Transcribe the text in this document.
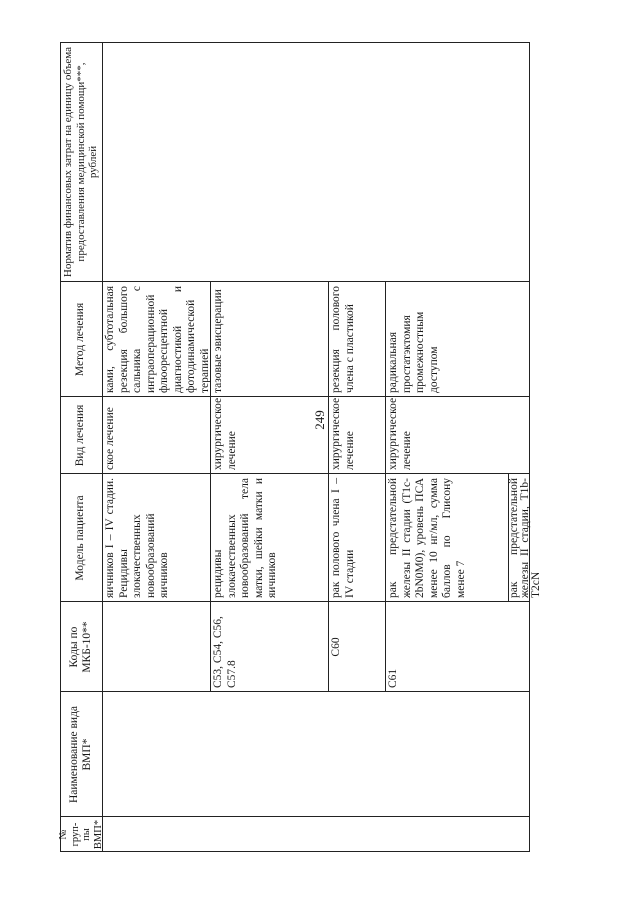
249
№ груп-пы ВМП*
Наименование вида ВМП*
Коды по МКБ-10**
Модель пациента
Вид лечения
Метод лечения
Норматив финансовых затрат на единицу объема предоставления медицинской помощи***, рублей
яичников I – IV стадии. Рецидивы злокачественных новообразований яичников
ское лечение
ками, субтотальная резекция большого сальника с интраоперационной флюоресцентной диагностикой и фотодинамической терапией
C53, C54, C56, C57.8
рецидивы злокачественных новообразований тела матки, шейки матки и яичников
хирургическое лечение
тазовые эвисцерации
C60
рак полового члена I – IV стадии
хирургическое лечение
резекция полового члена с пластикой
C61
рак предстательной железы II стадии (T1c-2bN0M0), уровень ПСА менее 10 нг/мл, сумма баллов по Глисону менее 7
хирургическое лечение
радикальная простатэктомия промежностным доступом
рак предстательной железы II стадии, T1b-T2cN
